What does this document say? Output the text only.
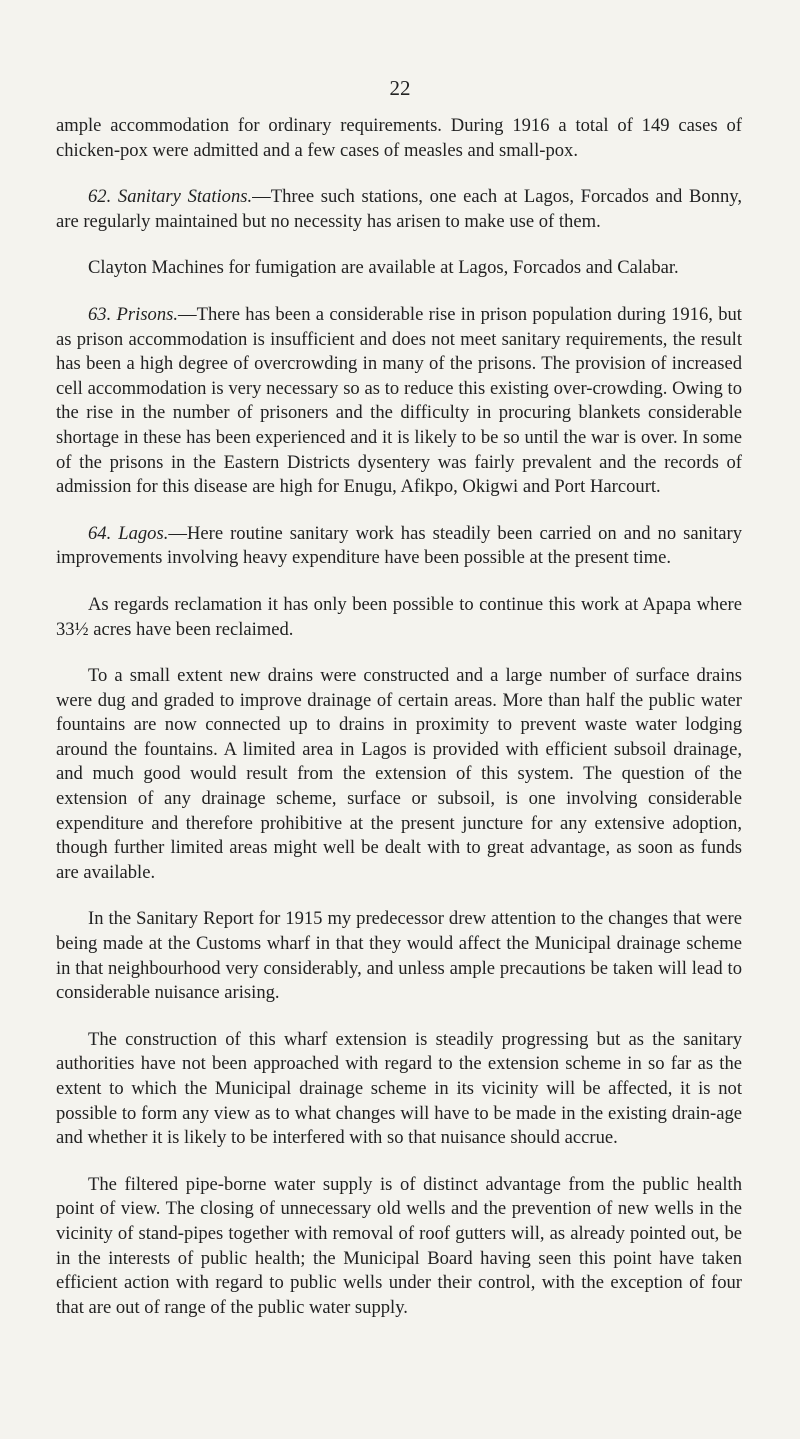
22

ample accommodation for ordinary requirements. During 1916 a total of 149 cases of chicken-pox were admitted and a few cases of measles and small-pox.

62. Sanitary Stations.—Three such stations, one each at Lagos, Forcados and Bonny, are regularly maintained but no necessity has arisen to make use of them.

Clayton Machines for fumigation are available at Lagos, Forcados and Calabar.

63. Prisons.—There has been a considerable rise in prison population during 1916, but as prison accommodation is insufficient and does not meet sanitary requirements, the result has been a high degree of overcrowding in many of the prisons. The provision of increased cell accommodation is very necessary so as to reduce this existing over-crowding. Owing to the rise in the number of prisoners and the difficulty in procuring blankets considerable shortage in these has been experienced and it is likely to be so until the war is over. In some of the prisons in the Eastern Districts dysentery was fairly prevalent and the records of admission for this disease are high for Enugu, Afikpo, Okigwi and Port Harcourt.

64. Lagos.—Here routine sanitary work has steadily been carried on and no sanitary improvements involving heavy expenditure have been possible at the present time.

As regards reclamation it has only been possible to continue this work at Apapa where 33½ acres have been reclaimed.

To a small extent new drains were constructed and a large number of surface drains were dug and graded to improve drainage of certain areas. More than half the public water fountains are now connected up to drains in proximity to prevent waste water lodging around the fountains. A limited area in Lagos is provided with efficient subsoil drainage, and much good would result from the extension of this system. The question of the extension of any drainage scheme, surface or subsoil, is one involving considerable expenditure and therefore prohibitive at the present juncture for any extensive adoption, though further limited areas might well be dealt with to great advantage, as soon as funds are available.

In the Sanitary Report for 1915 my predecessor drew attention to the changes that were being made at the Customs wharf in that they would affect the Municipal drainage scheme in that neighbourhood very considerably, and unless ample precautions be taken will lead to considerable nuisance arising.

The construction of this wharf extension is steadily progressing but as the sanitary authorities have not been approached with regard to the extension scheme in so far as the extent to which the Municipal drainage scheme in its vicinity will be affected, it is not possible to form any view as to what changes will have to be made in the existing drain-age and whether it is likely to be interfered with so that nuisance should accrue.

The filtered pipe-borne water supply is of distinct advantage from the public health point of view. The closing of unnecessary old wells and the prevention of new wells in the vicinity of stand-pipes together with removal of roof gutters will, as already pointed out, be in the interests of public health; the Municipal Board having seen this point have taken efficient action with regard to public wells under their control, with the exception of four that are out of range of the public water supply.
